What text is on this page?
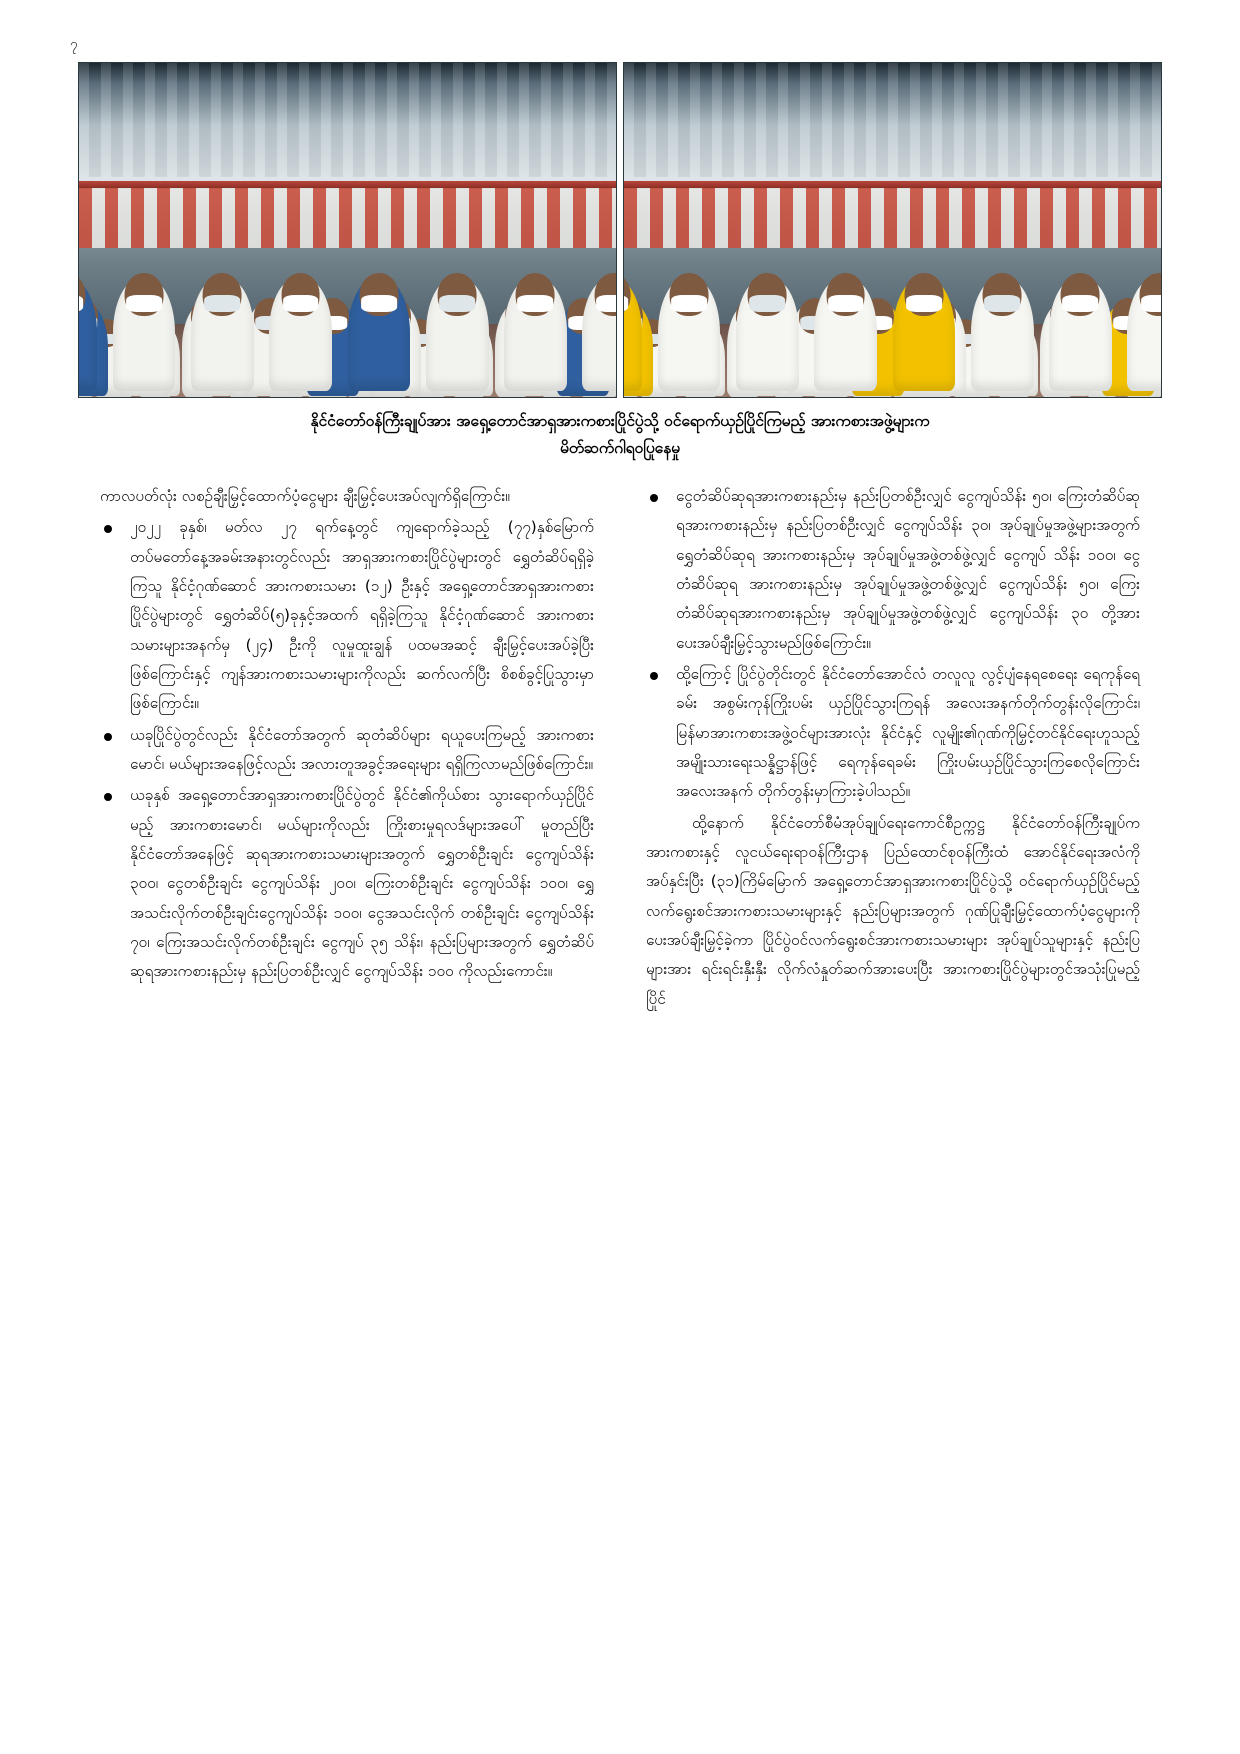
၇
နိုင်ငံတော်ဝန်ကြီးချုပ်အား အရှေ့တောင်အာရှအားကစားပြိုင်ပွဲသို့ ဝင်ရောက်ယှဉ်ပြိုင်ကြမည့် အားကစားအဖွဲ့များက
မိတ်ဆက်ဂါရဝပြုနေမှု

ကာလပတ်လုံး လစဉ်ချီးမြှင့်ထောက်ပံ့ငွေများ ချီးမြှင့်ပေးအပ်လျက်ရှိကြောင်း။

၂၀၂၂ ခုနှစ်၊ မတ်လ ၂၇ ရက်နေ့တွင် ကျရောက်ခဲ့သည့် (၇၇)နှစ်မြောက် တပ်မတော်နေ့အခမ်းအနားတွင်လည်း အာရှအားကစားပြိုင်ပွဲများတွင် ရွှေတံဆိပ်ရရှိခဲ့ကြသူ နိုင်ငံ့ဂုဏ်ဆောင် အားကစားသမား (၁၂) ဦးနှင့် အရှေ့တောင်အာရှအားကစားပြိုင်ပွဲများတွင် ရွှေတံဆိပ်(၅)ခုနှင့်အထက် ရရှိခဲ့ကြသူ နိုင်ငံ့ဂုဏ်ဆောင် အားကစားသမားများအနက်မှ (၂၄) ဦးကို လူမှုထူးချွန် ပထမအဆင့် ချီးမြှင့်ပေးအပ်ခဲ့ပြီး ဖြစ်ကြောင်းနှင့် ကျန်အားကစားသမားများကိုလည်း ဆက်လက်ပြီး စိစစ်ခွင့်ပြုသွားမှာဖြစ်ကြောင်း။

ယခုပြိုင်ပွဲတွင်လည်း နိုင်ငံတော်အတွက် ဆုတံဆိပ်များ ရယူပေးကြမည့် အားကစား မောင်၊ မယ်များအနေဖြင့်လည်း အလားတူအခွင့်အရေးများ ရရှိကြလာမည်ဖြစ်ကြောင်း။

ယခုနှစ် အရှေ့တောင်အာရှအားကစားပြိုင်ပွဲတွင် နိုင်ငံ၏ကိုယ်စား သွားရောက်ယှဉ်ပြိုင်မည့် အားကစားမောင်၊ မယ်များကိုလည်း ကြိုးစားမှုရလဒ်များအပေါ် မူတည်ပြီး နိုင်ငံတော်အနေဖြင့် ဆုရအားကစားသမားများအတွက် ရွှေတစ်ဦးချင်း ငွေကျပ်သိန်း ၃၀၀၊ ငွေတစ်ဦးချင်း ငွေကျပ်သိန်း ၂၀၀၊ ကြေးတစ်ဦးချင်း ငွေကျပ်သိန်း ၁၀၀၊ ရွှေအသင်းလိုက်တစ်ဦးချင်းငွေကျပ်သိန်း ၁၀၀၊ ငွေအသင်းလိုက် တစ်ဦးချင်း ငွေကျပ်သိန်း ၇၀၊ ကြေးအသင်းလိုက်တစ်ဦးချင်း ငွေကျပ် ၃၅ သိန်း၊ နည်းပြများအတွက် ရွှေတံဆိပ် ဆုရအားကစားနည်းမှ နည်းပြတစ်ဦးလျှင် ငွေကျပ်သိန်း ၁၀၀ ကိုလည်းကောင်း။

ငွေတံဆိပ်ဆုရအားကစားနည်းမှ နည်းပြတစ်ဦးလျှင် ငွေကျပ်သိန်း ၅၀၊ ကြေးတံဆိပ်ဆုရအားကစားနည်းမှ နည်းပြတစ်ဦးလျှင် ငွေကျပ်သိန်း ၃၀၊ အုပ်ချုပ်မှုအဖွဲ့များအတွက် ရွှေတံဆိပ်ဆုရ အားကစားနည်းမှ အုပ်ချုပ်မှုအဖွဲ့တစ်ဖွဲ့လျှင် ငွေကျပ် သိန်း ၁၀၀၊ ငွေတံဆိပ်ဆုရ အားကစားနည်းမှ အုပ်ချုပ်မှုအဖွဲ့တစ်ဖွဲ့လျှင် ငွေကျပ်သိန်း ၅၀၊ ကြေးတံဆိပ်ဆုရအားကစားနည်းမှ အုပ်ချုပ်မှုအဖွဲ့တစ်ဖွဲ့လျှင် ငွေကျပ်သိန်း ၃၀ တို့အား ပေးအပ်ချီးမြှင့်သွားမည်ဖြစ်ကြောင်း။

ထို့ကြောင့် ပြိုင်ပွဲတိုင်းတွင် နိုင်ငံတော်အောင်လံ တလူလူ လွင့်ပျံနေရစေရေး ရေကုန်ရေခမ်း အစွမ်းကုန်ကြိုးပမ်း ယှဉ်ပြိုင်သွားကြရန် အလေးအနက်တိုက်တွန်းလိုကြောင်း၊ မြန်မာအားကစားအဖွဲ့ဝင်များအားလုံး နိုင်ငံနှင့် လူမျိုး၏ဂုဏ်ကိုမြှင့်တင်နိုင်ရေးဟူသည့် အမျိုးသားရေးသန္နိဋ္ဌာန်ဖြင့် ရေကုန်ရေခမ်း ကြိုးပမ်းယှဉ်ပြိုင်သွားကြစေလိုကြောင်း အလေးအနက် တိုက်တွန်းမှာကြားခဲ့ပါသည်။

ထို့နောက် နိုင်ငံတော်စီမံအုပ်ချုပ်ရေးကောင်စီဥက္ကဋ္ဌ နိုင်ငံတော်ဝန်ကြီးချုပ်က အားကစားနှင့် လူငယ်ရေးရာဝန်ကြီးဌာန ပြည်ထောင်စုဝန်ကြီးထံ အောင်နိုင်ရေးအလံကို အပ်နှင်းပြီး (၃၁)ကြိမ်မြောက် အရှေ့တောင်အာရှအားကစားပြိုင်ပွဲသို့ ဝင်ရောက်ယှဉ်ပြိုင်မည့် လက်ရွေးစင်အားကစားသမားများနှင့် နည်းပြများအတွက် ဂုဏ်ပြုချီးမြှင့်ထောက်ပံ့ငွေများကို ပေးအပ်ချီးမြှင့်ခဲ့ကာ ပြိုင်ပွဲဝင်လက်ရွေးစင်အားကစားသမားများ အုပ်ချုပ်သူများနှင့် နည်းပြများအား ရင်းရင်းနှီးနှီး လိုက်လံနှုတ်ဆက်အားပေးပြီး အားကစားပြိုင်ပွဲများတွင်အသုံးပြုမည့် ပြိုင်
